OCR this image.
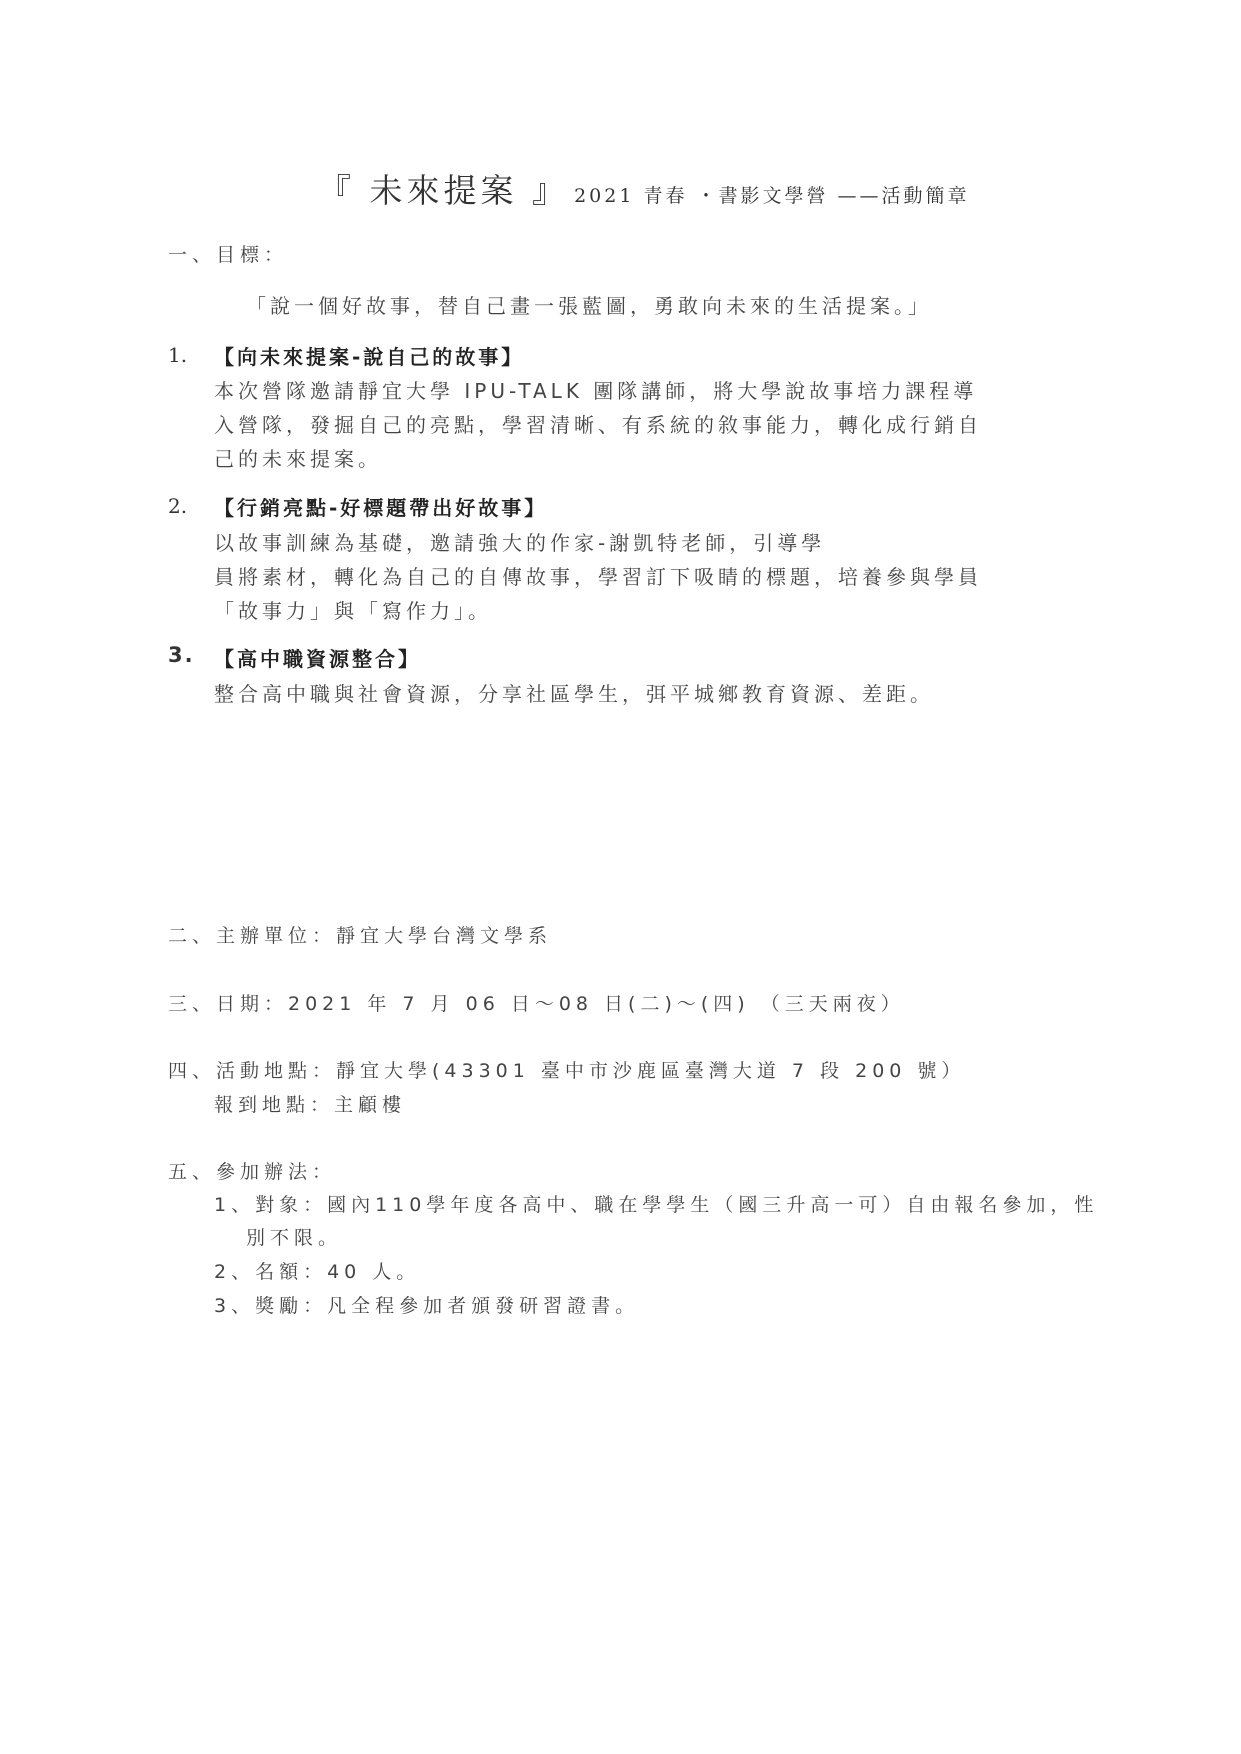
『 未來提案 』 2021 青春 ・書影文學營 ——活動簡章
一、目標：
「說一個好故事，替自己畫一張藍圖，勇敢向未來的生活提案。」
1. 【向未來提案-說自己的故事】
本次營隊邀請靜宜大學 IPU-TALK 團隊講師，將大學說故事培力課程導
入營隊，發掘自己的亮點，學習清晰、有系統的敘事能力，轉化成行銷自
己的未來提案。
2. 【行銷亮點-好標題帶出好故事】
以故事訓練為基礎，邀請強大的作家-謝凱特老師，引導學
員將素材，轉化為自己的自傳故事，學習訂下吸睛的標題，培養參與學員
「故事力」與「寫作力」。
3. 【高中職資源整合】
整合高中職與社會資源，分享社區學生，弭平城鄉教育資源、差距。
二、主辦單位：靜宜大學台灣文學系
三、日期：2021 年 7 月 06 日～08 日(二)～(四) （三天兩夜）
四、活動地點：靜宜大學(43301 臺中市沙鹿區臺灣大道 7 段 200 號）
報到地點：主顧樓
五、參加辦法：
1、對象：國內110學年度各高中、職在學學生（國三升高一可）自由報名參加，性
別不限。
2、名額：40 人。
3、獎勵：凡全程參加者頒發研習證書。
